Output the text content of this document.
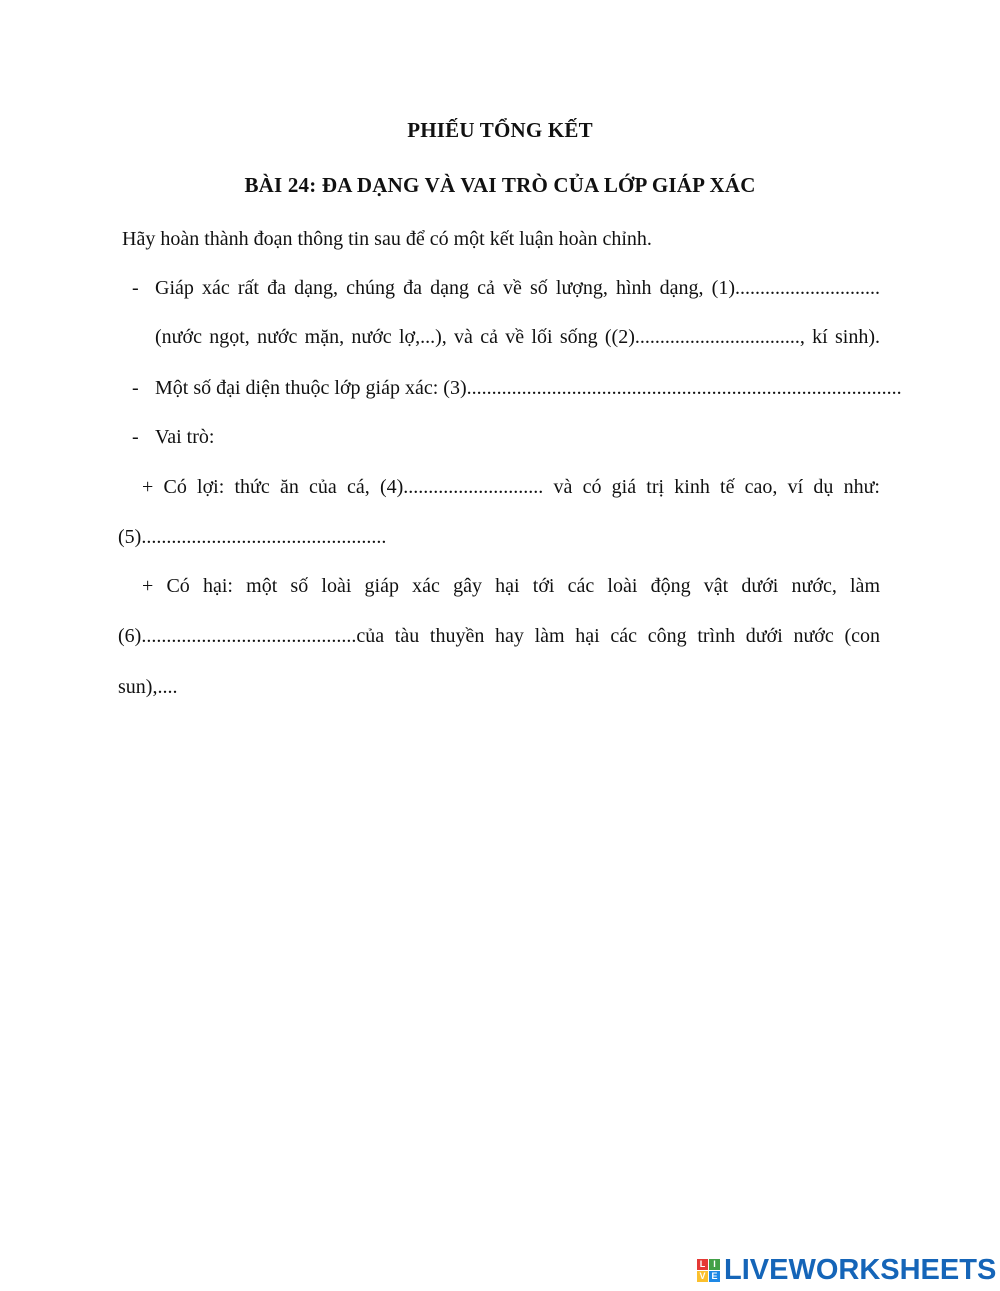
PHIẾU TỔNG KẾT
BÀI 24: ĐA DẠNG VÀ VAI TRÒ CỦA LỚP GIÁP XÁC
Hãy hoàn thành đoạn thông tin sau để có một kết luận hoàn chỉnh.
- Giáp xác rất đa dạng, chúng đa dạng cả về số lượng, hình dạng, (1).............................
(nước ngọt, nước mặn, nước lợ,...), và cả về lối sống ((2)................................., kí sinh).
- Một số đại diện thuộc lớp giáp xác: (3).......................................................................................
- Vai trò:
+ Có lợi: thức ăn của cá, (4)............................ và có giá trị kinh tế cao, ví dụ như:
(5).................................................
+ Có hại: một số loài giáp xác gây hại tới các loài động vật dưới nước, làm
(6)...........................................của tàu thuyền hay làm hại các công trình dưới nước (con
sun),....
L I
V E LIVEWORKSHEETS
